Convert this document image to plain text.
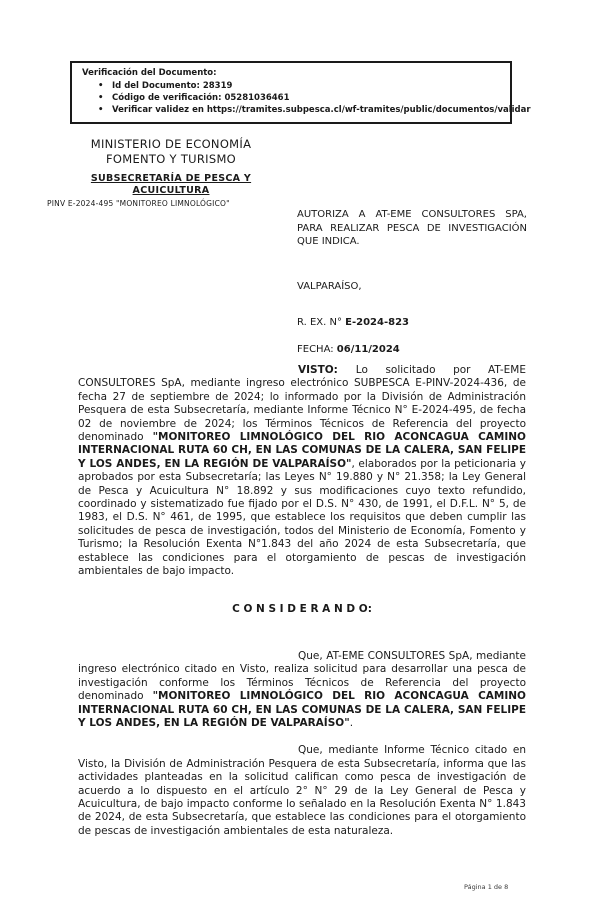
Verificación del Documento:
•	Id del Documento: 28319
•	Código de verificación: 05281036461
•	Verificar validez en https://tramites.subpesca.cl/wf-tramites/public/documentos/validar
MINISTERIO DE ECONOMÍA
FOMENTO Y TURISMO
SUBSECRETARÍA DE PESCA Y
ACUICULTURA
PINV E-2024-495 "MONITOREO LIMNOLÓGICO"
AUTORIZA A AT-EME CONSULTORES SPA, PARA REALIZAR PESCA DE INVESTIGACIÓN QUE INDICA.
VALPARAÍSO,
R. EX. N° E-2024-823
FECHA: 06/11/2024

VISTO: Lo solicitado por AT-EME CONSULTORES SpA, mediante ingreso electrónico SUBPESCA E-PINV-2024-436, de fecha 27 de septiembre de 2024; lo informado por la División de Administración Pesquera de esta Subsecretaría, mediante Informe Técnico N° E-2024-495, de fecha 02 de noviembre de 2024; los Términos Técnicos de Referencia del proyecto denominado "MONITOREO LIMNOLÓGICO DEL RIO ACONCAGUA CAMINO INTERNACIONAL RUTA 60 CH, EN LAS COMUNAS DE LA CALERA, SAN FELIPE Y LOS ANDES, EN LA REGIÓN DE VALPARAÍSO", elaborados por la peticionaria y aprobados por esta Subsecretaría; las Leyes N° 19.880 y N° 21.358; la Ley General de Pesca y Acuicultura N° 18.892 y sus modificaciones cuyo texto refundido, coordinado y sistematizado fue fijado por el D.S. N° 430, de 1991, el D.F.L. N° 5, de 1983, el D.S. N° 461, de 1995, que establece los requisitos que deben cumplir las solicitudes de pesca de investigación, todos del Ministerio de Economía, Fomento y Turismo; la Resolución Exenta N°1.843 del año 2024 de esta Subsecretaría, que establece las condiciones para el otorgamiento de pescas de investigación ambientales de bajo impacto.

C O N S I D E R A N D O:

Que, AT-EME CONSULTORES SpA, mediante ingreso electrónico citado en Visto, realiza solicitud para desarrollar una pesca de investigación conforme los Términos Técnicos de Referencia del proyecto denominado "MONITOREO LIMNOLÓGICO DEL RIO ACONCAGUA CAMINO INTERNACIONAL RUTA 60 CH, EN LAS COMUNAS DE LA CALERA, SAN FELIPE Y LOS ANDES, EN LA REGIÓN DE VALPARAÍSO".

Que, mediante Informe Técnico citado en Visto, la División de Administración Pesquera de esta Subsecretaría, informa que las actividades planteadas en la solicitud califican como pesca de investigación de acuerdo a lo dispuesto en el artículo 2° N° 29 de la Ley General de Pesca y Acuicultura, de bajo impacto conforme lo señalado en la Resolución Exenta N° 1.843 de 2024, de esta Subsecretaría, que establece las condiciones para el otorgamiento de pescas de investigación ambientales de esta naturaleza.

Página 1 de 8
